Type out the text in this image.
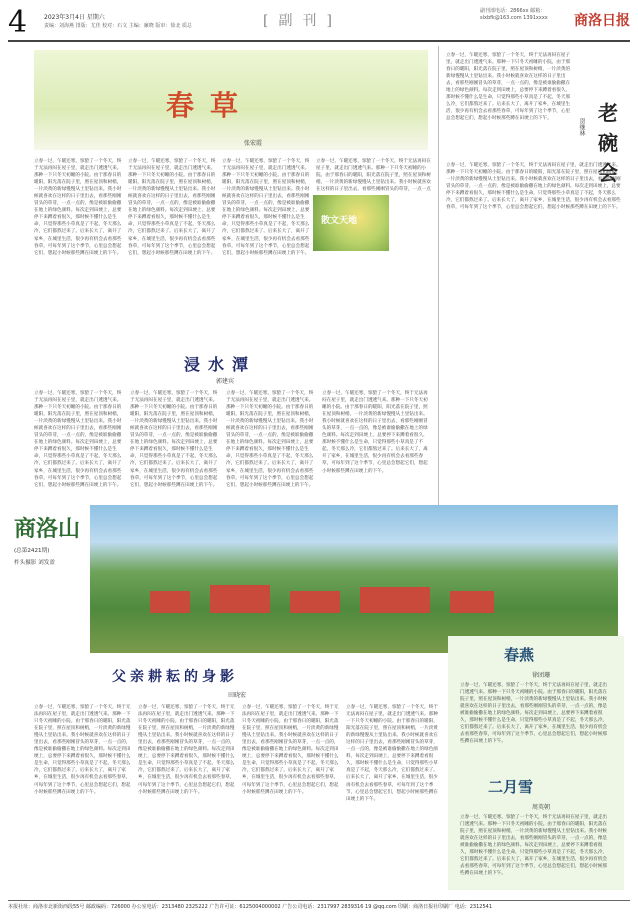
4	2023年3月4日 星期六
责编：刘海燕 排版：尤佳 校对：石文 主编：廉晓 版审：徐北 质总	[副刊]
副刊部电话：2866xx 邮箱：slxbfk@163.com 1391xxxx	商洛日报
春草
张宏霞
立春一过，乍暖还寒，惊蛰了一个冬天，终于无法再闷在屋子里，就走出门透透气来。那种一下只冬天初睡的小院。由于那春日的暖阳，阳光落在院子里，照在屋顶和树梢，一片淡黄的新绿慢慢从土里钻出来。我小时候就喜欢在这样的日子里出去，看那些刚刚冒头的草芽，一点一点的，像是被谁偷偷撒在地上的绿色颜料。每次走到田埂上，总要停下来蹲着看很久，那时候不懂什么是生命，只觉得那些小草真是了不起，冬天那么冷，它们都熬过来了。后来长大了，离开了家乡，在城里生活，很少再有机会去看那些春草，可每年到了这个季节，心里总会想起它们，想起小时候那些蹲在田埂上的下午。
立春一过，乍暖还寒，惊蛰了一个冬天，终于无法再闷在屋子里，就走出门透透气来。那种一下只冬天初睡的小院。由于那春日的暖阳，阳光落在院子里，照在屋顶和树梢，一片淡黄的新绿慢慢从土里钻出来。我小时候就喜欢在这样的日子里出去，看那些刚刚冒头的草芽，一点一点的，像是被谁偷偷撒在地上的绿色颜料。每次走到田埂上，总要停下来蹲着看很久，那时候不懂什么是生命，只觉得那些小草真是了不起，冬天那么冷，它们都熬过来了。后来长大了，离开了家乡，在城里生活，很少再有机会去看那些春草，可每年到了这个季节，心里总会想起它们，想起小时候那些蹲在田埂上的下午。
立春一过，乍暖还寒，惊蛰了一个冬天，终于无法再闷在屋子里，就走出门透透气来。那种一下只冬天初睡的小院。由于那春日的暖阳，阳光落在院子里，照在屋顶和树梢，一片淡黄的新绿慢慢从土里钻出来。我小时候就喜欢在这样的日子里出去，看那些刚刚冒头的草芽，一点一点的，像是被谁偷偷撒在地上的绿色颜料。每次走到田埂上，总要停下来蹲着看很久，那时候不懂什么是生命，只觉得那些小草真是了不起，冬天那么冷，它们都熬过来了。后来长大了，离开了家乡，在城里生活，很少再有机会去看那些春草，可每年到了这个季节，心里总会想起它们，想起小时候那些蹲在田埂上的下午。
立春一过，乍暖还寒，惊蛰了一个冬天，终于无法再闷在屋子里，就走出门透透气来。那种一下只冬天初睡的小院。由于那春日的暖阳，阳光落在院子里，照在屋顶和树梢，一片淡黄的新绿慢慢从土里钻出来。我小时候就喜欢在这样的日子里出去，看那些刚刚冒头的草芽，一点一点
散文天地
立春一过，乍暖还寒，惊蛰了一个冬天，终于无法再闷在屋子里，就走出门透透气来。那种一下只冬天初睡的小院。由于那春日的暖阳，阳光落在院子里，照在屋顶和树梢，一片淡黄的新绿慢慢从土里钻出来。我小时候就喜欢在这样的日子里出去，看那些刚刚冒头的草芽，一点一点的，像是被谁偷偷撒在地上的绿色颜料。每次走到田埂上，总要停下来蹲着看很久，那时候不懂什么是生命，只觉得那些小草真是了不起，冬天那么冷，它们都熬过来了。后来长大了，离开了家乡，在城里生活，很少再有机会去看那些春草，可每年到了这个季节，心里总会想起它们，想起小时候那些蹲在田埂上的下午。	老碗会
贺继林
立春一过，乍暖还寒，惊蛰了一个冬天，终于无法再闷在屋子里，就走出门透透气来。那种一下只冬天初睡的小院。由于那春日的暖阳，阳光落在院子里，照在屋顶和树梢，一片淡黄的新绿慢慢从土里钻出来。我小时候就喜欢在这样的日子里出去，看那些刚刚冒头的草芽，一点一点的，像是被谁偷偷撒在地上的绿色颜料。每次走到田埂上，总要停下来蹲着看很久，那时候不懂什么是生命，只觉得那些小草真是了不起，冬天那么冷，它们都熬过来了。后来长大了，离开了家乡，在城里生活，很少再有机会去看那些春草，可每年到了这个季节，心里总会想起它们，想起小时候那些蹲在田埂上的下午。
浸水潭
郭建宾
立春一过，乍暖还寒，惊蛰了一个冬天，终于无法再闷在屋子里，就走出门透透气来。那种一下只冬天初睡的小院。由于那春日的暖阳，阳光落在院子里，照在屋顶和树梢，一片淡黄的新绿慢慢从土里钻出来。我小时候就喜欢在这样的日子里出去，看那些刚刚冒头的草芽，一点一点的，像是被谁偷偷撒在地上的绿色颜料。每次走到田埂上，总要停下来蹲着看很久，那时候不懂什么是生命，只觉得那些小草真是了不起，冬天那么冷，它们都熬过来了。后来长大了，离开了家乡，在城里生活，很少再有机会去看那些春草，可每年到了这个季节，心里总会想起它们，想起小时候那些蹲在田埂上的下午。
立春一过，乍暖还寒，惊蛰了一个冬天，终于无法再闷在屋子里，就走出门透透气来。那种一下只冬天初睡的小院。由于那春日的暖阳，阳光落在院子里，照在屋顶和树梢，一片淡黄的新绿慢慢从土里钻出来。我小时候就喜欢在这样的日子里出去，看那些刚刚冒头的草芽，一点一点的，像是被谁偷偷撒在地上的绿色颜料。每次走到田埂上，总要停下来蹲着看很久，那时候不懂什么是生命，只觉得那些小草真是了不起，冬天那么冷，它们都熬过来了。后来长大了，离开了家乡，在城里生活，很少再有机会去看那些春草，可每年到了这个季节，心里总会想起它们，想起小时候那些蹲在田埂上的下午。
立春一过，乍暖还寒，惊蛰了一个冬天，终于无法再闷在屋子里，就走出门透透气来。那种一下只冬天初睡的小院。由于那春日的暖阳，阳光落在院子里，照在屋顶和树梢，一片淡黄的新绿慢慢从土里钻出来。我小时候就喜欢在这样的日子里出去，看那些刚刚冒头的草芽，一点一点的，像是被谁偷偷撒在地上的绿色颜料。每次走到田埂上，总要停下来蹲着看很久，那时候不懂什么是生命，只觉得那些小草真是了不起，冬天那么冷，它们都熬过来了。后来长大了，离开了家乡，在城里生活，很少再有机会去看那些春草，可每年到了这个季节，心里总会想起它们，想起小时候那些蹲在田埂上的下午。
立春一过，乍暖还寒，惊蛰了一个冬天，终于无法再闷在屋子里，就走出门透透气来。那种一下只冬天初睡的小院。由于那春日的暖阳，阳光落在院子里，照在屋顶和树梢，一片淡黄的新绿慢慢从土里钻出来。我小时候就喜欢在这样的日子里出去，看那些刚刚冒头的草芽，一点一点的，像是被谁偷偷撒在地上的绿色颜料。每次走到田埂上，总要停下来蹲着看很久，那时候不懂什么是生命，只觉得那些小草真是了不起，冬天那么冷，它们都熬过来了。后来长大了，离开了家乡，在城里生活，很少再有机会去看那些春草，可每年到了这个季节，心里总会想起它们，想起小时候那些蹲在田埂上的下午。
商洛山
(总第2421期)
杵头摄影 刘发盈
父亲耕耘的身影
田晓宏
立春一过，乍暖还寒，惊蛰了一个冬天，终于无法再闷在屋子里，就走出门透透气来。那种一下只冬天初睡的小院。由于那春日的暖阳，阳光落在院子里，照在屋顶和树梢，一片淡黄的新绿慢慢从土里钻出来。我小时候就喜欢在这样的日子里出去，看那些刚刚冒头的草芽，一点一点的，像是被谁偷偷撒在地上的绿色颜料。每次走到田埂上，总要停下来蹲着看很久，那时候不懂什么是生命，只觉得那些小草真是了不起，冬天那么冷，它们都熬过来了。后来长大了，离开了家乡，在城里生活，很少再有机会去看那些春草，可每年到了这个季节，心里总会想起它们，想起小时候那些蹲在田埂上的下午。
立春一过，乍暖还寒，惊蛰了一个冬天，终于无法再闷在屋子里，就走出门透透气来。那种一下只冬天初睡的小院。由于那春日的暖阳，阳光落在院子里，照在屋顶和树梢，一片淡黄的新绿慢慢从土里钻出来。我小时候就喜欢在这样的日子里出去，看那些刚刚冒头的草芽，一点一点的，像是被谁偷偷撒在地上的绿色颜料。每次走到田埂上，总要停下来蹲着看很久，那时候不懂什么是生命，只觉得那些小草真是了不起，冬天那么冷，它们都熬过来了。后来长大了，离开了家乡，在城里生活，很少再有机会去看那些春草，可每年到了这个季节，心里总会想起它们，想起小时候那些蹲在田埂上的下午。
立春一过，乍暖还寒，惊蛰了一个冬天，终于无法再闷在屋子里，就走出门透透气来。那种一下只冬天初睡的小院。由于那春日的暖阳，阳光落在院子里，照在屋顶和树梢，一片淡黄的新绿慢慢从土里钻出来。我小时候就喜欢在这样的日子里出去，看那些刚刚冒头的草芽，一点一点的，像是被谁偷偷撒在地上的绿色颜料。每次走到田埂上，总要停下来蹲着看很久，那时候不懂什么是生命，只觉得那些小草真是了不起，冬天那么冷，它们都熬过来了。后来长大了，离开了家乡，在城里生活，很少再有机会去看那些春草，可每年到了这个季节，心里总会想起它们，想起小时候那些蹲在田埂上的下午。
立春一过，乍暖还寒，惊蛰了一个冬天，终于无法再闷在屋子里，就走出门透透气来。那种一下只冬天初睡的小院。由于那春日的暖阳，阳光落在院子里，照在屋顶和树梢，一片淡黄的新绿慢慢从土里钻出来。我小时候就喜欢在这样的日子里出去，看那些刚刚冒头的草芽，一点一点的，像是被谁偷偷撒在地上的绿色颜料。每次走到田埂上，总要停下来蹲着看很久，那时候不懂什么是生命，只觉得那些小草真是了不起，冬天那么冷，它们都熬过来了。后来长大了，离开了家乡，在城里生活，很少再有机会去看那些春草，可每年到了这个季节，心里总会想起它们，想起小时候那些蹲在田埂上的下午。
春燕
徐团珊
立春一过，乍暖还寒，惊蛰了一个冬天，终于无法再闷在屋子里，就走出门透透气来。那种一下只冬天初睡的小院。由于那春日的暖阳，阳光落在院子里，照在屋顶和树梢，一片淡黄的新绿慢慢从土里钻出来。我小时候就喜欢在这样的日子里出去，看那些刚刚冒头的草芽，一点一点的，像是被谁偷偷撒在地上的绿色颜料。每次走到田埂上，总要停下来蹲着看很久，那时候不懂什么是生命，只觉得那些小草真是了不起，冬天那么冷，它们都熬过来了。后来长大了，离开了家乡，在城里生活，很少再有机会去看那些春草，可每年到了这个季节，心里总会想起它们，想起小时候那些蹲在田埂上的下午。
二月雪
周英朝
立春一过，乍暖还寒，惊蛰了一个冬天，终于无法再闷在屋子里，就走出门透透气来。那种一下只冬天初睡的小院。由于那春日的暖阳，阳光落在院子里，照在屋顶和树梢，一片淡黄的新绿慢慢从土里钻出来。我小时候就喜欢在这样的日子里出去，看那些刚刚冒头的草芽，一点一点的，像是被谁偷偷撒在地上的绿色颜料。每次走到田埂上，总要停下来蹲着看很久，那时候不懂什么是生命，只觉得那些小草真是了不起，冬天那么冷，它们都熬过来了。后来长大了，离开了家乡，在城里生活，很少再有机会去看那些春草，可每年到了这个季节，心里总会想起它们，想起小时候那些蹲在田埂上的下午。
本报社址：商洛市北新街西段55号 邮政编码：726000 办公室电话：2313480 2325222 广告许可证：6125004000002 广告公司电话：2317997 2839316 19 @qq.com 印刷：商洛日报社印刷厂 电话：2312541
